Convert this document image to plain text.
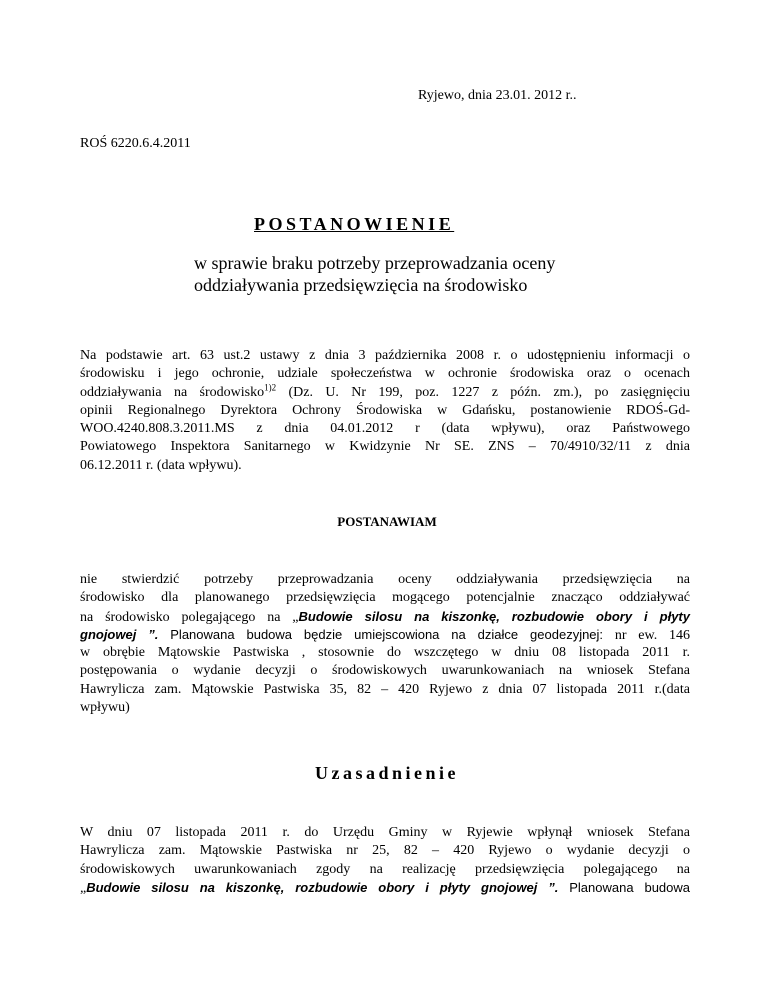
Ryjewo, dnia 23.01. 2012 r..
ROŚ 6220.6.4.2011
POSTANOWIENIE
w sprawie braku potrzeby przeprowadzania oceny
oddziaływania przedsięwzięcia na środowisko
Na podstawie art. 63 ust.2 ustawy z dnia 3 października 2008 r. o udostępnieniu informacji o
środowisku i jego ochronie, udziale społeczeństwa w ochronie środowiska oraz o ocenach
oddziaływania na środowisko$^{1)2}$ (Dz. U. Nr 199, poz. 1227 z późn. zm.), po zasięgnięciu
opinii Regionalnego Dyrektora Ochrony Środowiska w Gdańsku, postanowienie RDOŚ-Gd-
WOO.4240.808.3.2011.MS z dnia 04.01.2012 r (data wpływu), oraz Państwowego
Powiatowego Inspektora Sanitarnego w Kwidzynie Nr SE. ZNS – 70/4910/32/11 z dnia
06.12.2011 r. (data wpływu).
POSTANAWIAM
nie stwierdzić potrzeby przeprowadzania oceny oddziaływania przedsięwzięcia na
środowisko dla planowanego przedsięwzięcia mogącego potencjalnie znacząco oddziaływać
na środowisko polegającego na „Budowie silosu na kiszonkę, rozbudowie obory i płyty
gnojowej ”. Planowana budowa będzie umiejscowiona na działce geodezyjnej: nr ew. 146
w obrębie Mątowskie Pastwiska , stosownie do wszczętego w dniu 08 listopada 2011 r.
postępowania o wydanie decyzji o środowiskowych uwarunkowaniach na wniosek Stefana
Hawrylicza zam. Mątowskie Pastwiska 35, 82 – 420 Ryjewo z dnia 07 listopada 2011 r.(data
wpływu)
Uzasadnienie
W dniu 07 listopada 2011 r. do Urzędu Gminy w Ryjewie wpłynął wniosek Stefana
Hawrylicza zam. Mątowskie Pastwiska nr 25, 82 – 420 Ryjewo o wydanie decyzji o
środowiskowych uwarunkowaniach zgody na realizację przedsięwzięcia polegającego na
„Budowie silosu na kiszonkę, rozbudowie obory i płyty gnojowej ”. Planowana budowa
